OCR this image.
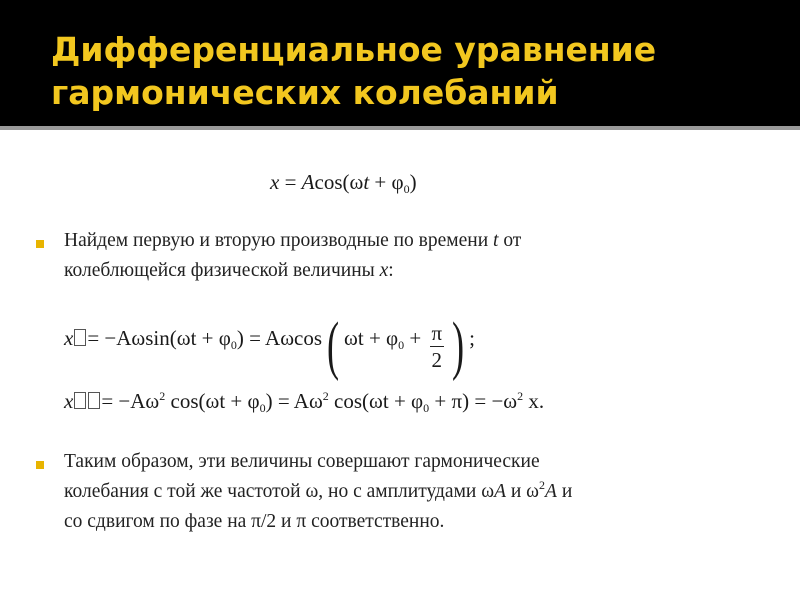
Дифференциальное уравнение
гармонических колебаний
$x = Acos(\omega t + \varphi_0)$

Найдем первую и вторую производные по времени t от
колеблющейся физической величины x:

$x = -A\omega\sin(\omega t + \varphi_0) = A\omega\cos$( $\omega t + \varphi_0 + \frac{\pi}{2}$ ) ;
$x = -A\omega^2$ $\cos(\omega t + \varphi_0) = A\omega^2$ $\cos(\omega t + \varphi_0 + \pi) = -\omega^2$ x.

Таким образом, эти величины совершают гармонические
колебания с той же частотой ω, но с амплитудами ωA и $\omega^2A$ и
со сдвигом по фазе на π/2 и π соответственно.
